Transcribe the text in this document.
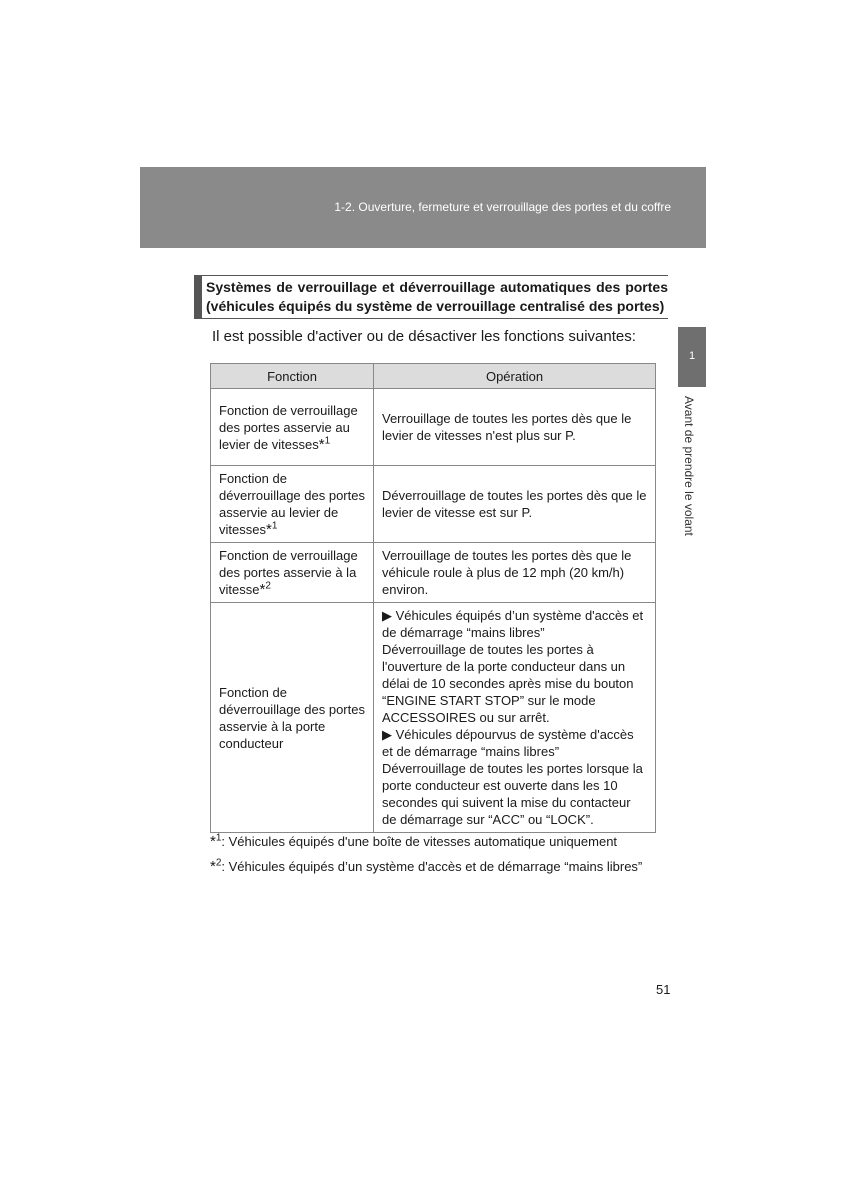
1-2. Ouverture, fermeture et verrouillage des portes et du coffre
1
Avant de prendre le volant
Systèmes de verrouillage et déverrouillage automatiques des portes (véhicules équipés du système de verrouillage centralisé des portes)
Il est possible d'activer ou de désactiver les fonctions suivantes:
Fonction	Opération
Fonction de verrouillage des portes asservie au levier de vitesses*$^1$	Verrouillage de toutes les portes dès que le levier de vitesses n'est plus sur P.
Fonction de déverrouillage des portes asservie au levier de vitesses*$^1$	Déverrouillage de toutes les portes dès que le levier de vitesse est sur P.
Fonction de verrouillage des portes asservie à la vitesse*$^2$	Verrouillage de toutes les portes dès que le véhicule roule à plus de 12 mph (20 km/h) environ.
Fonction de déverrouillage des portes asservie à la porte conducteur	▶ Véhicules équipés d’un système d'accès et de démarrage “mains libres”
Déverrouillage de toutes les portes à l'ouverture de la porte conducteur dans un délai de 10 secondes après mise du bouton “ENGINE START STOP” sur le mode ACCESSOIRES ou sur arrêt.
▶ Véhicules dépourvus de système d'accès et de démarrage “mains libres”
Déverrouillage de toutes les portes lorsque la porte conducteur est ouverte dans les 10 secondes qui suivent la mise du contacteur de démarrage sur “ACC” ou “LOCK”.
*$^1$: Véhicules équipés d'une boîte de vitesses automatique uniquement
*$^2$: Véhicules équipés d’un système d'accès et de démarrage “mains libres”
51
